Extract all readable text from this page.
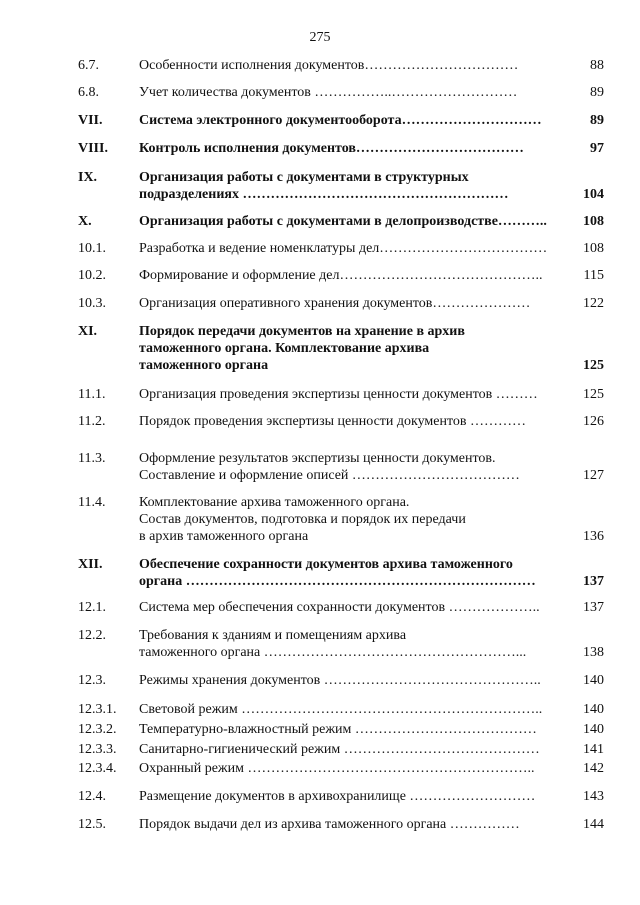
275
6.7.	Особенности исполнения документов……………………………	88
6.8.	Учет количества документов ……………..………………………	89
VII.	Система электронного документооборота…………………………	89
VIII. Контроль исполнения документов………………………………	97
IX.	Организация работы с документами в структурных
подразделениях …………………………………………………	104
X.	Организация работы с документами в делопроизводстве………..	108
10.1. Разработка и ведение номенклатуры дел………………………………	108
10.2. Формирование и оформление дел……………………………………..	115
10.3. Организация оперативного хранения документов…………………	122
XI.	Порядок передачи документов на хранение в архив
таможенного органа. Комплектование архива
таможенного органа	125
11.1. Организация проведения экспертизы ценности документов ………	125
11.2. Порядок проведения экспертизы ценности документов …………	126
11.3. Оформление результатов экспертизы ценности документов.
Составление и оформление описей ………………………………	127
11.4. Комплектование архива таможенного органа.
Состав документов, подготовка и порядок их передачи
в архив таможенного органа	136
XII.	Обеспечение сохранности документов архива таможенного
органа …………………………………………………………………	137
12.1. Система мер обеспечения сохранности документов ………………..	137
12.2. Требования к зданиям и помещениям архива
таможенного органа ………………………………………………...	138
12.3. Режимы хранения документов ………………………………………..	140
12.3.1. Световой режим ………………………………………………………..	140
12.3.2. Температурно-влажностный режим …………………………………	140
12.3.3. Санитарно-гигиенический режим ……………………………………	141
12.3.4. Охранный режим ……………………………………………………..	142
12.4. Размещение документов в архивохранилище ………………………	143
12.5. Порядок выдачи дел из архива таможенного органа ……………	144
